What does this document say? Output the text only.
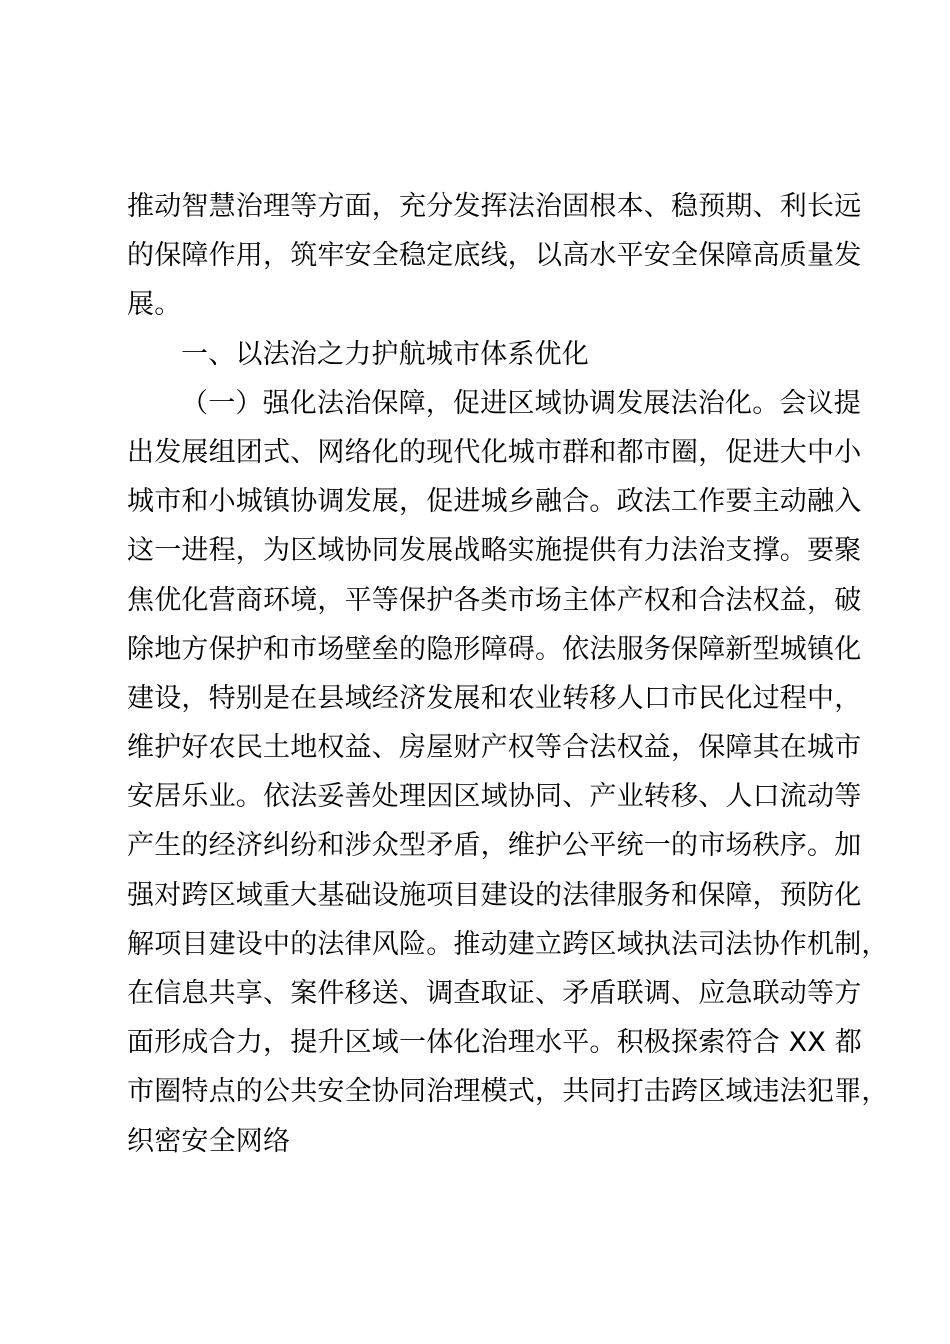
推动智慧治理等方面，充分发挥法治固根本、稳预期、利长远
的保障作用，筑牢安全稳定底线，以高水平安全保障高质量发
展。
一、以法治之力护航城市体系优化
（一）强化法治保障，促进区域协调发展法治化。会议提
出发展组团式、网络化的现代化城市群和都市圈，促进大中小
城市和小城镇协调发展，促进城乡融合。政法工作要主动融入
这一进程，为区域协同发展战略实施提供有力法治支撑。要聚
焦优化营商环境，平等保护各类市场主体产权和合法权益，破
除地方保护和市场壁垒的隐形障碍。依法服务保障新型城镇化
建设，特别是在县域经济发展和农业转移人口市民化过程中，
维护好农民土地权益、房屋财产权等合法权益，保障其在城市
安居乐业。依法妥善处理因区域协同、产业转移、人口流动等
产生的经济纠纷和涉众型矛盾，维护公平统一的市场秩序。加
强对跨区域重大基础设施项目建设的法律服务和保障，预防化
解项目建设中的法律风险。推动建立跨区域执法司法协作机制，
在信息共享、案件移送、调查取证、矛盾联调、应急联动等方
面形成合力，提升区域一体化治理水平。积极探索符合 XX 都
市圈特点的公共安全协同治理模式，共同打击跨区域违法犯罪，
织密安全网络
